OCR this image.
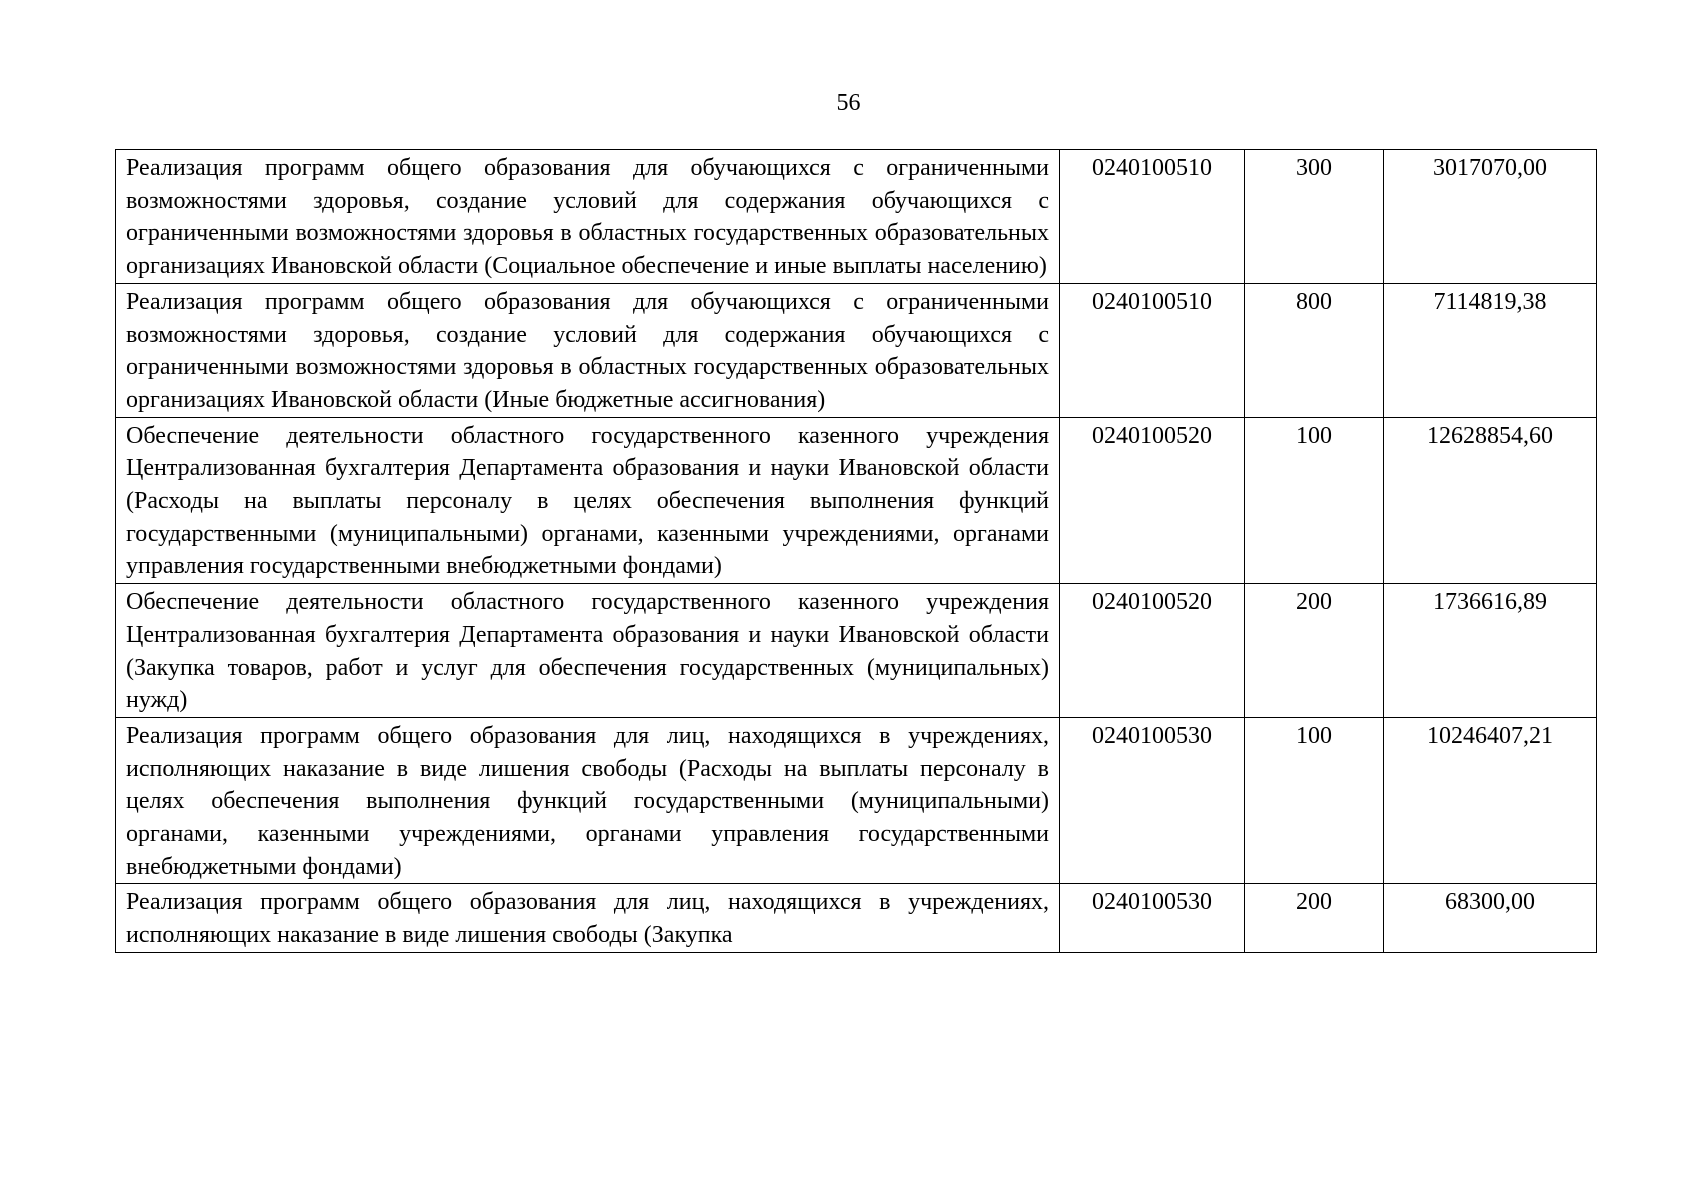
56
Реализация программ общего образования для обучающихся с ограниченными возможностями здоровья, создание условий для содержания обучающихся с ограниченными возможностями здоровья в областных государственных образовательных организациях Ивановской области (Социальное обеспечение и иные выплаты населению)	0240100510	300	3017070,00
Реализация программ общего образования для обучающихся с ограниченными возможностями здоровья, создание условий для содержания обучающихся с ограниченными возможностями здоровья в областных государственных образовательных организациях Ивановской области (Иные бюджетные ассигнования)	0240100510	800	7114819,38
Обеспечение деятельности областного государственного казенного учреждения Централизованная бухгалтерия Департамента образования и науки Ивановской области (Расходы на выплаты персоналу в целях обеспечения выполнения функций государственными (муниципальными) органами, казенными учреждениями, органами управления государственными внебюджетными фондами)	0240100520	100	12628854,60
Обеспечение деятельности областного государственного казенного учреждения Централизованная бухгалтерия Департамента образования и науки Ивановской области (Закупка товаров, работ и услуг для обеспечения государственных (муниципальных) нужд)	0240100520	200	1736616,89
Реализация программ общего образования для лиц, находящихся в учреждениях, исполняющих наказание в виде лишения свободы (Расходы на выплаты персоналу в целях обеспечения выполнения функций государственными (муниципальными) органами, казенными учреждениями, органами управления государственными внебюджетными фондами)	0240100530	100	10246407,21
Реализация программ общего образования для лиц, находящихся в учреждениях, исполняющих наказание в виде лишения свободы (Закупка	0240100530	200	68300,00
